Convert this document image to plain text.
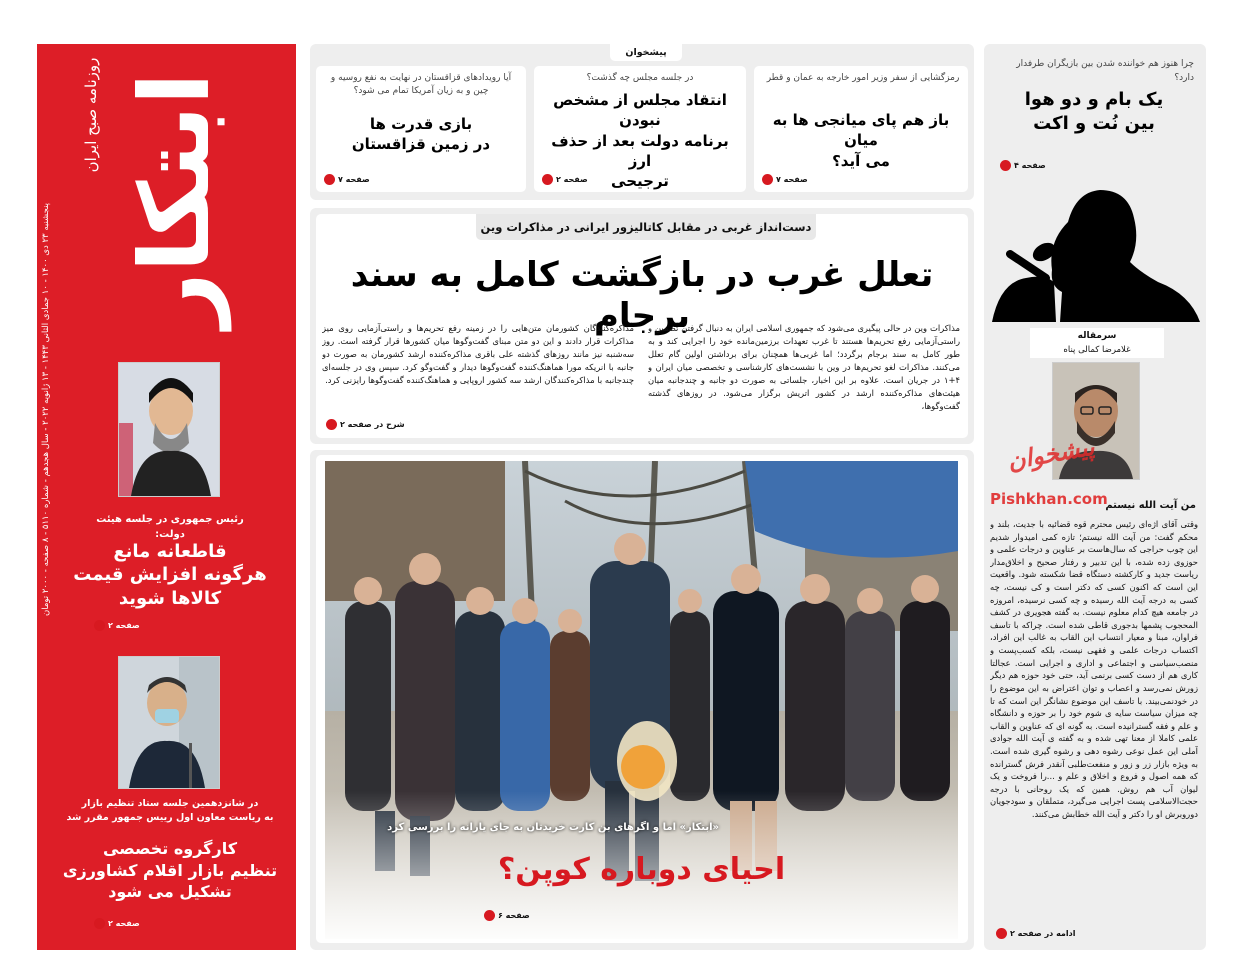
ابتکار
روزنامه صبح ایران
پنجشنبه ۲۳ دی ۱۴۰۰ - ۱۰ جمادی الثانی ۱۴۴۳ - ۱۳ ژانویه ۲۰۲۲ - سال هجدهم - شماره ۵۱۱۰ - ۸ صفحه - ۲۰۰۰ تومان
رئیس جمهوری در جلسه هیئت دولت:
قاطعانه مانع
هرگونه افزایش قیمت
کالاها شوید
صفحه ۲
در شانزدهمین جلسه ستاد تنظیم بازار
به ریاست معاون اول رییس جمهور مقرر شد
کارگروه تخصصی
تنظیم بازار اقلام کشاورزی
تشکیل می شود
صفحه ۲
پیشخوان
رمزگشایی از سفر وزیر امور خارجه به عمان و قطر
باز هم پای میانجی ها به میان
می آید؟
صفحه ۷
در جلسه مجلس چه گذشت؟
انتقاد مجلس از مشخص نبودن
برنامه دولت بعد از حذف ارز
ترجیحی
صفحه ۲
آیا رویدادهای قزاقستان در نهایت به نفع روسیه و چین و به زیان آمریکا تمام می شود؟
بازی قدرت ها
در زمین قزاقستان
صفحه ۷
دست‌انداز غربی در مقابل کاتالیزور ایرانی در مذاکرات وین
تعلل غرب در بازگشت کامل به سند برجام
مذاکرات وین در حالی پیگیری می‌شود که جمهوری اسلامی ایران به دنبال گرفتن تضمین و راستی‌آزمایی رفع تحریم‌ها هستند تا غرب تعهدات برزمین‌مانده خود را اجرایی کند و به طور کامل به سند برجام برگردد؛ اما غربی‌ها همچنان برای برداشتن اولین گام تعلل می‌کنند. مذاکرات لغو تحریم‌ها در وین با نشست‌های کارشناسی و تخصصی میان ایران و ۴+۱ در جریان است. علاوه بر این اخبار، جلساتی به صورت دو جانبه و چندجانبه میان هیئت‌های مذاکره‌کننده ارشد در کشور اتریش برگزار می‌شود. در روزهای گذشته گفت‌وگوها،
مذاکره‌کنندگان کشورمان متن‌هایی را در زمینه رفع تحریم‌ها و راستی‌آزمایی روی میز مذاکرات قرار دادند و این دو متن مبنای گفت‌وگوها میان کشورها قرار گرفته است. روز سه‌شنبه نیز مانند روزهای گذشته علی باقری مذاکره‌کننده ارشد کشورمان به صورت دو جانبه با انریکه مورا هماهنگ‌کننده گفت‌وگوها دیدار و گفت‌وگو کرد. سپس وی در جلسه‌ای چندجانبه با مذاکره‌کنندگان ارشد سه کشور اروپایی و هماهنگ‌کننده گفت‌وگوها رایزنی کرد.
شرح در صفحه ۲
«ابتکار» اما و اگرهای بن کارت خریدتان به جای یارانه را بررسی کرد
احیای دوباره کوپن؟
صفحه ۶
چرا هنوز هم خواننده شدن بین بازیگران طرفدار دارد؟
یک بام و دو هوا
بین نُت و اکت
صفحه ۴
سرمقاله
غلامرضا کمالی پناه
پیشخوان
Pishkhan.com
من آیت الله نیستم
وقتی آقای اژه‌ای رئیس محترم قوه قضائیه با جدیت، بلند و محکم گفت: من آیت الله نیستم؛ تازه کمی امیدوار شدیم این چوب حراجی که سال‌هاست بر عناوین و درجات علمی و حوزوی زده شده، با این تدبیر و رفتار صحیح و اخلاق‌مدار ریاست جدید و کارکشته دستگاه قضا شکسته شود. واقعیت این است که اکنون کسی که دکتر است و کی نیست، چه کسی به درجه آیت الله رسیده و چه کسی نرسیده، امروزه در جامعه هیچ کدام معلوم نیست. به گفته هجویری در کشف المحجوب پشمها بدجوری قاطی شده است. چراکه با تاسف فراوان، مبنا و معیار انتساب این القاب به غالب این افراد، اکتساب درجات علمی و فقهی نیست، بلکه کسب‌پست و منصب‌سیاسی و اجتماعی و اداری و اجرایی است. عجالتا کاری هم از دست کسی برنمی آید، حتی خود حوزه هم دیگر زورش نمی‌رسد و اعصاب و توان اعتراض به این موضوع را در خودنمی‌بیند. با تاسف این موضوع نشانگر این است که تا چه میزان سیاست سایه ی شوم خود را بر حوزه و دانشگاه و علم و فقه گسترانیده است. به گونه ای که عناوین و القاب علمی کاملا از معنا تهی شده و به گفته ی آیت الله جوادی آملی این عمل نوعی رشوه دهی و رشوه گیری شده است. به ویژه بازار زر و زور و منفعت‌طلبی آنقدر فرش گسترانده که همه اصول و فروع و اخلاق و علم و ...را فروخت و یک لیوان آب هم روش. همین که یک روحانی با درجه حجت‌الاسلامی پست اجرایی می‌گیرد، متملقان و سودجویان دوروبرش او را دکتر و آیت الله خطابش می‌کنند.
ادامه در صفحه ۲
